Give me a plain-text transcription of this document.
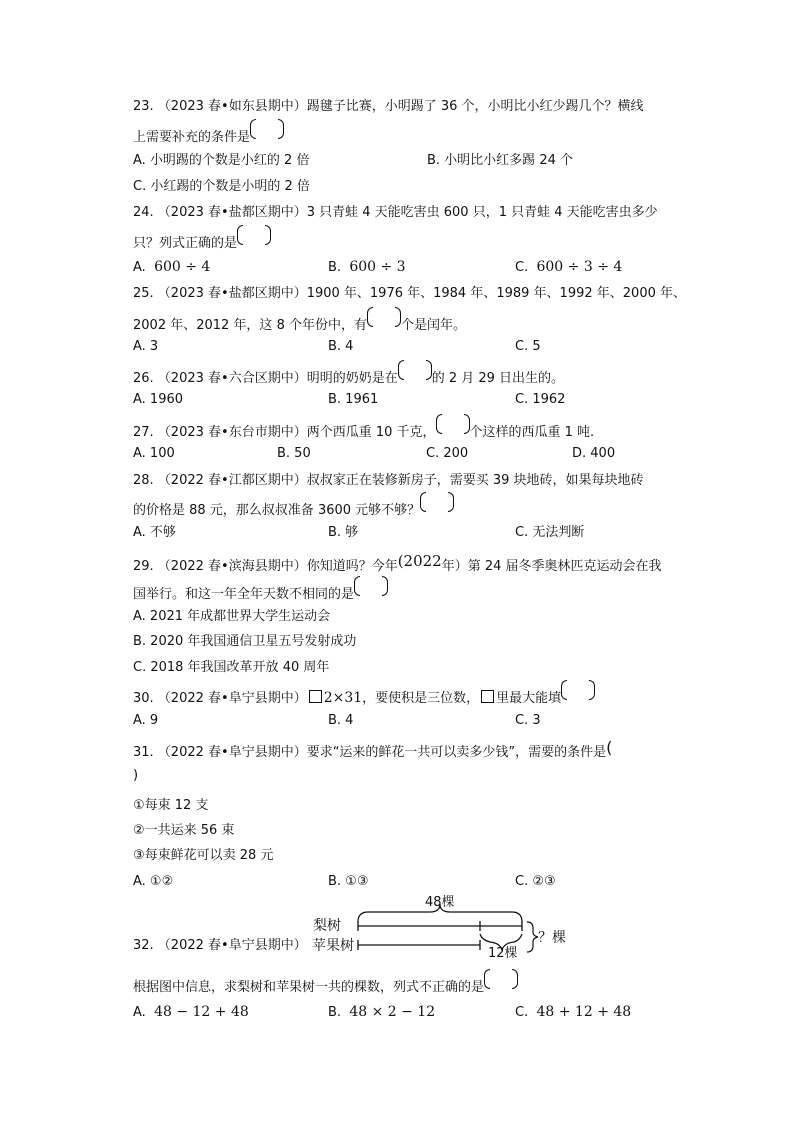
23. （2023 春•如东县期中）踢毽子比赛，小明踢了 36 个，小明比小红少踢几个？横线
上需要补充的条件是
A. 小明踢的个数是小红的 2 倍	B. 小明比小红多踢 24 个
C. 小红踢的个数是小明的 2 倍
24. （2023 春•盐都区期中）3 只青蛙 4 天能吃害虫 600 只，1 只青蛙 4 天能吃害虫多少
只？列式正确的是
A. 600 ÷ 4	B. 600 ÷ 3	C. 600 ÷ 3 ÷ 4
25. （2023 春•盐都区期中）1900 年、1976 年、1984 年、1989 年、1992 年、2000 年、
2002 年、2012 年，这 8 个年份中，有	个是闰年。
A. 3	B. 4	C. 5
26. （2023 春•六合区期中）明明的奶奶是在	的 2 月 29 日出生的。
A. 1960	B. 1961	C. 1962
27. （2023 春•东台市期中）两个西瓜重 10 千克，	个这样的西瓜重 1 吨.
A. 100	B. 50	C. 200	D. 400
28. （2022 春•江都区期中）叔叔家正在装修新房子，需要买 39 块地砖，如果每块地砖
的价格是 88 元，那么叔叔准备 3600 元够不够？
A. 不够	B. 够	C. 无法判断
29. （2022 春•滨海县期中）你知道吗？今年(2022年）第 24 届冬季奥林匹克运动会在我
国举行。和这一年全年天数不相同的是
A. 2021 年成都世界大学生运动会
B. 2020 年我国通信卫星五号发射成功
C. 2018 年我国改革开放 40 周年
30. （2022 春•阜宁县期中） 2×31，要使积是三位数， 里最大能填
A. 9	B. 4	C. 3
31. （2022 春•阜宁县期中）要求“运来的鲜花一共可以卖多少钱”，需要的条件是(
)
①每束 12 支
②一共运来 56 束
③每束鲜花可以卖 28 元
A. ①②	B. ①③	C. ②③
48棵
梨树
苹果树	12棵
？棵
32. （2022 春•阜宁县期中）
根据图中信息，求梨树和苹果树一共的棵数，列式不正确的是
A. 48 − 12 + 48	B. 48 × 2 − 12	C. 48 + 12 + 48
